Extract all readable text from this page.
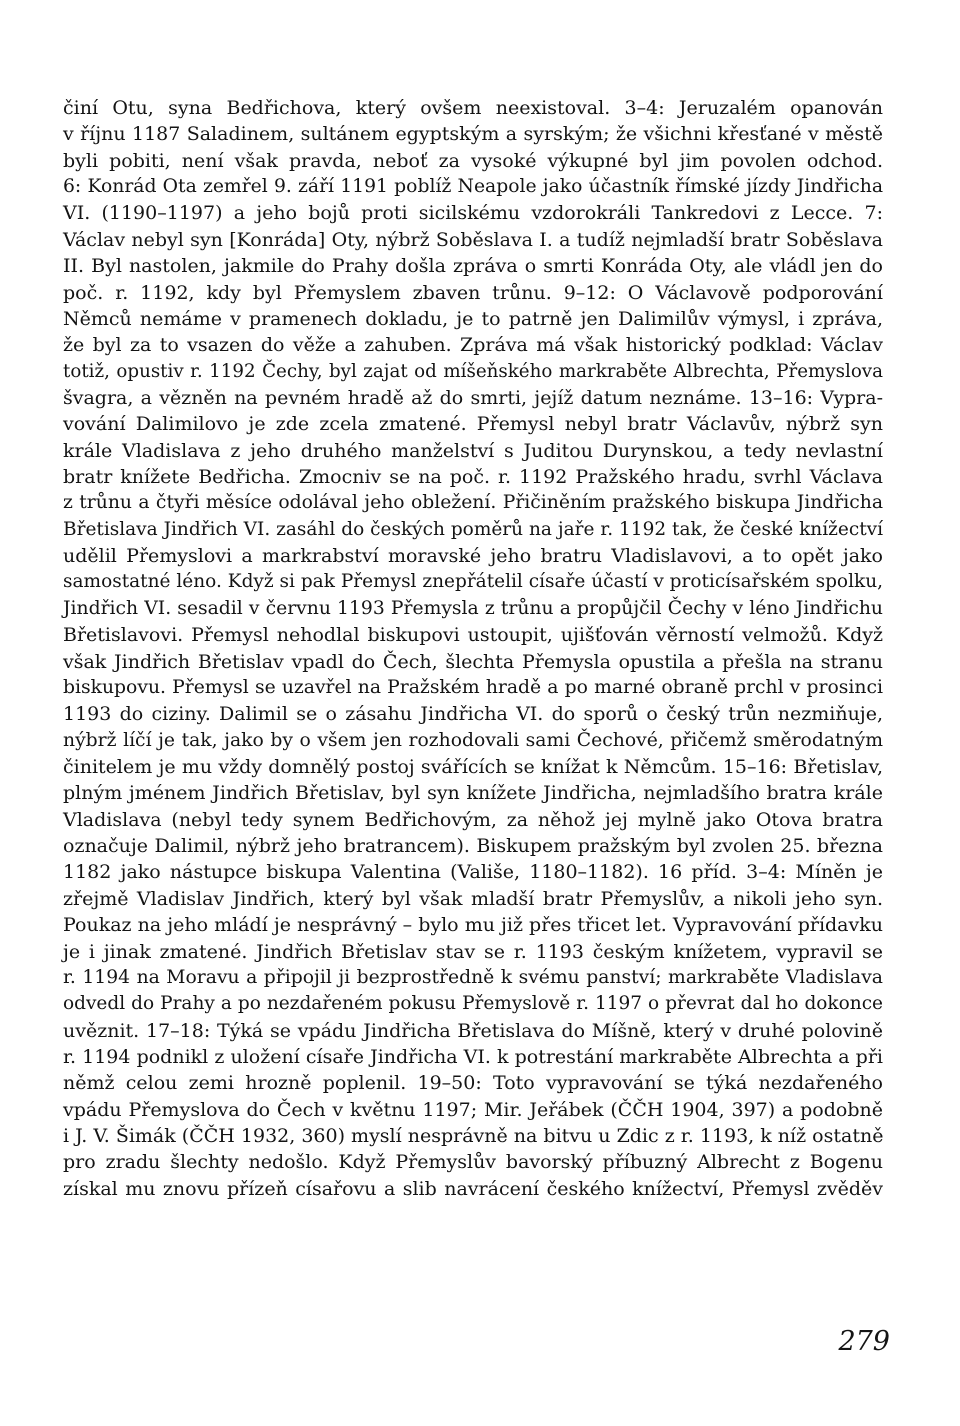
činí Otu, syna Bedřichova, který ovšem neexistoval. 3–4: Jeruzalém opanován
v říjnu 1187 Saladinem, sultánem egyptským a syrským; že všichni křesťané v městě
byli pobiti, není však pravda, neboť za vysoké výkupné byl jim povolen odchod.
6: Konrád Ota zemřel 9. září 1191 poblíž Neapole jako účastník římské jízdy Jindřicha
VI. (1190–1197) a jeho bojů proti sicilskému vzdorokráli Tankredovi z Lecce. 7:
Václav nebyl syn [Konráda] Oty, nýbrž Soběslava I. a tudíž nejmladší bratr Soběslava
II. Byl nastolen, jakmile do Prahy došla zpráva o smrti Konráda Oty, ale vládl jen do
poč. r. 1192, kdy byl Přemyslem zbaven trůnu. 9–12: O Václavově podporování
Němců nemáme v pramenech dokladu, je to patrně jen Dalimilův výmysl, i zpráva,
že byl za to vsazen do věže a zahuben. Zpráva má však historický podklad: Václav
totiž, opustiv r. 1192 Čechy, byl zajat od míšeňského markraběte Albrechta, Přemyslova
švagra, a vězněn na pevném hradě až do smrti, jejíž datum neznáme. 13–16: Vypra‑
vování Dalimilovo je zde zcela zmatené. Přemysl nebyl bratr Václavův, nýbrž syn
krále Vladislava z jeho druhého manželství s Juditou Durynskou, a tedy nevlastní
bratr knížete Bedřicha. Zmocniv se na poč. r. 1192 Pražského hradu, svrhl Václava
z trůnu a čtyři měsíce odolával jeho obležení. Přičiněním pražského biskupa Jindřicha
Břetislava Jindřich VI. zasáhl do českých poměrů na jaře r. 1192 tak, že české knížectví
udělil Přemyslovi a markrabství moravské jeho bratru Vladislavovi, a to opět jako
samostatné léno. Když si pak Přemysl znepřátelil císaře účastí v proticísařském spolku,
Jindřich VI. sesadil v červnu 1193 Přemysla z trůnu a propůjčil Čechy v léno Jindřichu
Břetislavovi. Přemysl nehodlal biskupovi ustoupit, ujišťován věrností velmožů. Když
však Jindřich Břetislav vpadl do Čech, šlechta Přemysla opustila a přešla na stranu
biskupovu. Přemysl se uzavřel na Pražském hradě a po marné obraně prchl v prosinci
1193 do ciziny. Dalimil se o zásahu Jindřicha VI. do sporů o český trůn nezmiňuje,
nýbrž líčí je tak, jako by o všem jen rozhodovali sami Čechové, přičemž směrodatným
činitelem je mu vždy domnělý postoj svářících se knížat k Němcům. 15–16: Břetislav,
plným jménem Jindřich Břetislav, byl syn knížete Jindřicha, nejmladšího bratra krále
Vladislava (nebyl tedy synem Bedřichovým, za něhož jej mylně jako Otova bratra
označuje Dalimil, nýbrž jeho bratrancem). Biskupem pražským byl zvolen 25. března
1182 jako nástupce biskupa Valentina (Vališe, 1180–1182). 16 příd. 3–4: Míněn je
zřejmě Vladislav Jindřich, který byl však mladší bratr Přemyslův, a nikoli jeho syn.
Poukaz na jeho mládí je nesprávný – bylo mu již přes třicet let. Vypravování přídavku
je i jinak zmatené. Jindřich Břetislav stav se r. 1193 českým knížetem, vypravil se
r. 1194 na Moravu a připojil ji bezprostředně k svému panství; markraběte Vladislava
odvedl do Prahy a po nezdařeném pokusu Přemyslově r. 1197 o převrat dal ho dokonce
uvěznit. 17–18: Týká se vpádu Jindřicha Břetislava do Míšně, který v druhé polovině
r. 1194 podnikl z uložení císaře Jindřicha VI. k potrestání markraběte Albrechta a při
němž celou zemi hrozně poplenil. 19–50: Toto vypravování se týká nezdařeného
vpádu Přemyslova do Čech v květnu 1197; Mir. Jeřábek (ČČH 1904, 397) a podobně
i J. V. Šimák (ČČH 1932, 360) myslí nesprávně na bitvu u Zdic z r. 1193, k níž ostatně
pro zradu šlechty nedošlo. Když Přemyslův bavorský příbuzný Albrecht z Bogenu
získal mu znovu přízeň císařovu a slib navrácení českého knížectví, Přemysl zvěděv
279
